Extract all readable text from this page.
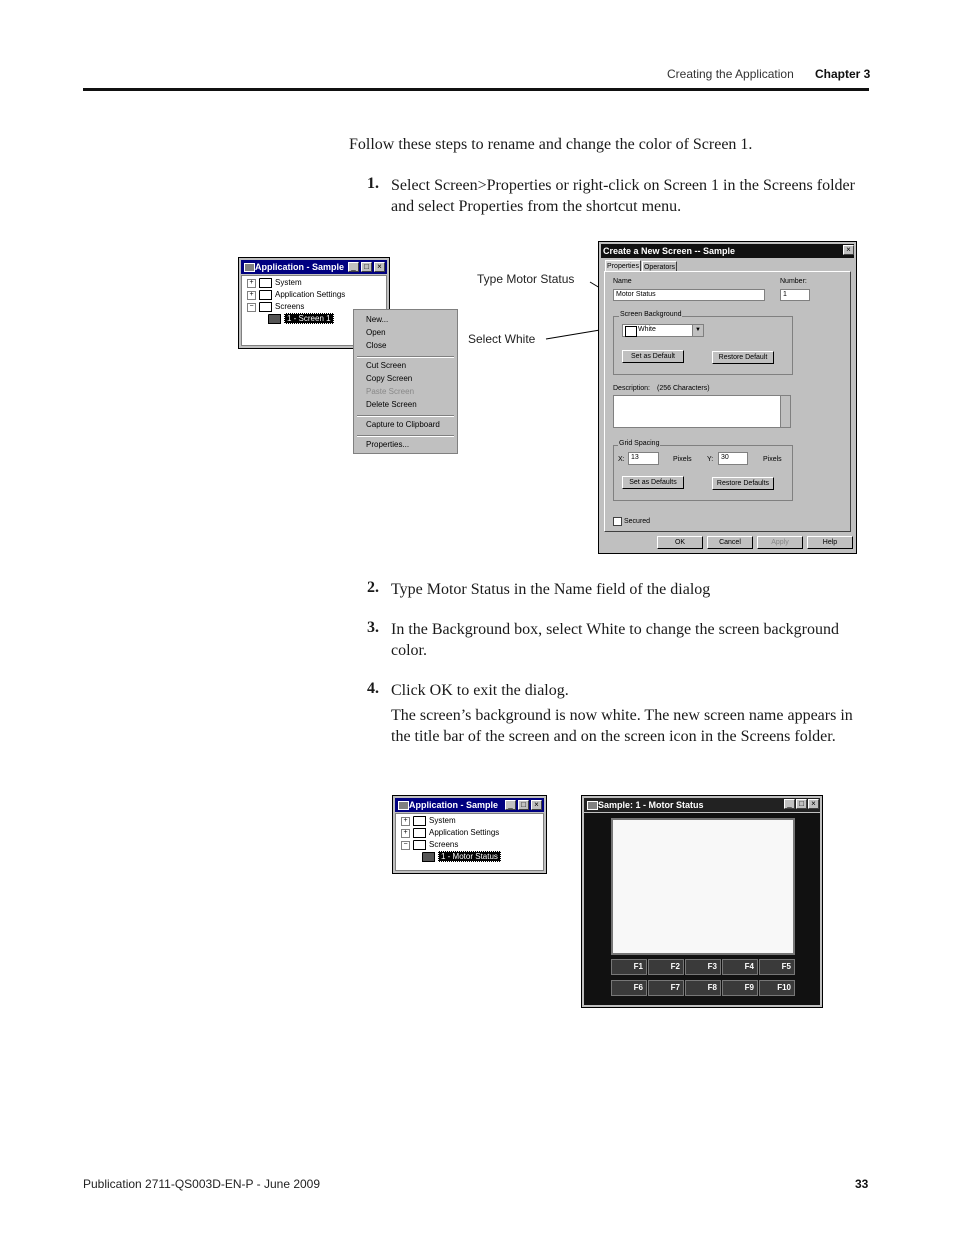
Creating the Application Chapter 3
Follow these steps to rename and change the color of Screen 1.
1. Select Screen>Properties or right-click on Screen 1 in the Screens folder and select Properties from the shortcut menu.
Application - Sample _	□	×
+	System
+	Application Settings
−	Screens
1 - Screen 1	New...
Open
Close
Cut Screen
Copy Screen
Paste Screen
Delete Screen
Capture to Clipboard
Properties...
Type Motor Status
Select White
Create a New Screen -- Sample	×
Properties Operators
Name
Motor Status
Number:
1
Screen Background
White	▼
Set as Default	Restore Default
Description: (256 Characters)
Grid Spacing
X: 13	Pixels Y:	30	Pixels
Set as Defaults	Restore Defaults
Secured
OK	Cancel	Apply	Help
2. Type Motor Status in the Name field of the dialog
3. In the Background box, select White to change the screen background color.
4. Click OK to exit the dialog.
The screen’s background is now white. The new screen name appears in the title bar of the screen and on the screen icon in the Screens folder.
Application - Sample	_	□	×
+	System
+	Application Settings
−	Screens
1 - Motor Status
Sample: 1 - Motor Status	_ □ ×
F1	F2	F3	F4	F5
F6	F7	F8	F9	F10
Publication 2711-QS003D-EN-P - June 2009	33
